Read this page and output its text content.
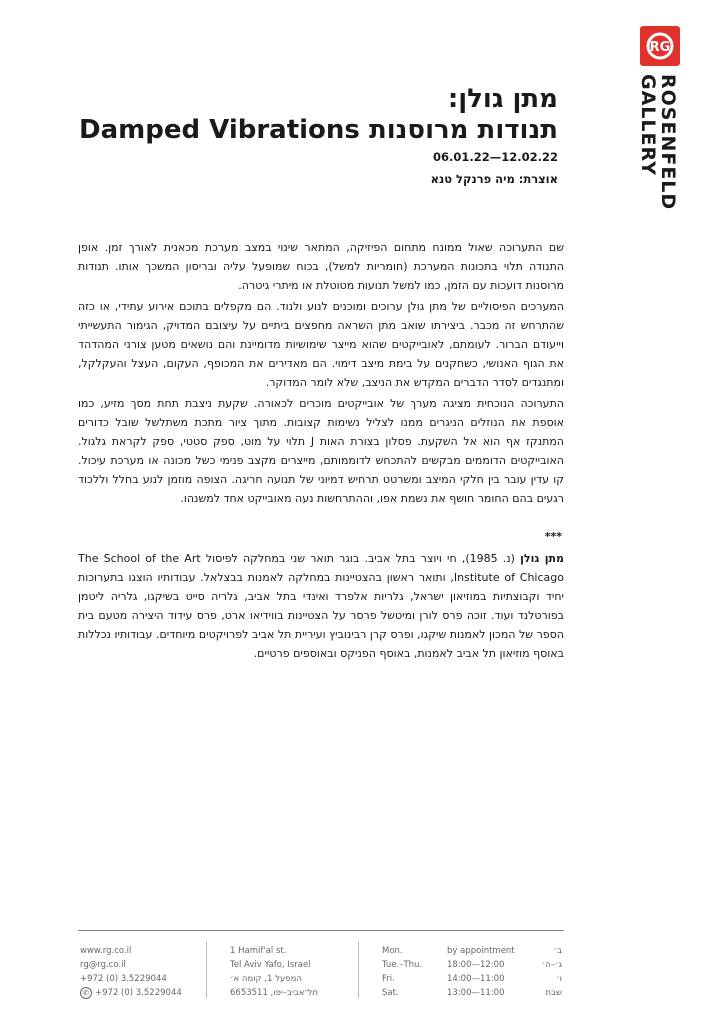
RG
ROSENFELD
GALLERY

מתן גולן:

תנודות מרוסנות Damped Vibrations

06.01.22—12.02.22
אוצרת: מיה פרנקל טנא

שם התערוכה שאול ממונח מתחום הפיזיקה, המתאר שינוי במצב מערכת מכאנית לאורך זמן. אופן התנודה תלוי בתכונות המערכת (חומריות למשל), בכוח שמופעל עליה ובריסון המשכך אותו. תנודות מרוסנות דועכות עם הזמן, כמו למשל תנועות מטוטלת או מיתרי גיטרה.

המערכים הפיסוליים של מתן גולן ערוכים ומוכנים לנוע ולנוד. הם מקפלים בתוכם אירוע עתידי, או כזה שהתרחש זה מכבר. ביצירתו שואב מתן השראה מחפצים ביתיים על עיצובם המדויק, הגימור התעשייתי וייעודם הברור. לעומתם, לאובייקטים שהוא מייצר שימושיות מדומיינת והם נושאים מטען צורני המהדהד את הגוף האנושי, כשחקנים על בימת מיצב דימוי. הם מאדירים את המכופף, העקום, העצל והעקלקל, ומתנגדים לסדר הדברים המקדש את הניצב, שלא לומר המדוקר.

התערוכה הנוכחית מציגה מערך של אובייקטים מוכרים לכאורה. שקעת ניצבת תחת מסך מזיע, כמו אוספת את הנוזלים הניגרים ממנו לצליל נשימות קצובות. מתוך ציור מתכת משתלשל שובל כדורים המתנקז אף הוא אל השקעת. פסלון בצורת האות J תלוי על מוט, ספק סטטי, ספק לקראת גלגול. האובייקטים הדוממים מבקשים להתכחש לדוממותם, מייצרים מקצב פנימי כשל מכונה או מערכת עיכול. קו עדין עובר בין חלקי המיצב ומשרטט תרחיש דמיוני של תנועה חריגה. הצופה מוזמן לנוע בחלל וללכוד רגעים בהם החומר חושף את נשמת אפו, וההתרחשות נעה מאובייקט אחד למשנהו.

***

מתן גולן (נ. 1985), חי ויוצר בתל אביב. בוגר תואר שני במחלקה לפיסול The School of the Art Institute of Chicago, ותואר ראשון בהצטיינות במחלקה לאמנות בבצלאל. עבודותיו הוצגו בתערוכות יחיד וקבוצתיות במוזיאון ישראל, גלריות אלפרד ואינדי בתל אביב, גלריה סייט בשיקגו, גלריה ליטמן בפורטלנד ועוד. זוכה פרס לורן ומיטשל פרסר על הצטיינות בווידיאו ארט, פרס עידוד היצירה מטעם בית הספר של המכון לאמנות שיקגו, ופרס קרן רבינוביץ ועיריית תל אביב לפרויקטים מיוחדים. עבודותיו נכללות באוסף מוזיאון תל אביב לאמנות, באוסף הפניקס ובאוספים פרטיים.

www.rg.co.il
rg@rg.co.il
+972 (0) 3.5229044
✆ +972 (0) 3.5229044
1 Hamif'al st.
Tel Aviv Yafo, Israel
המפעל 1, קומה א׳
תל־אביב–יפו, 6653511
Mon.	by appointment	ב׳
Tue.–Thu.	18:00—12:00	ג׳–ה׳
Fri.	14:00—11:00	ו׳
Sat.	13:00—11:00	שבת
